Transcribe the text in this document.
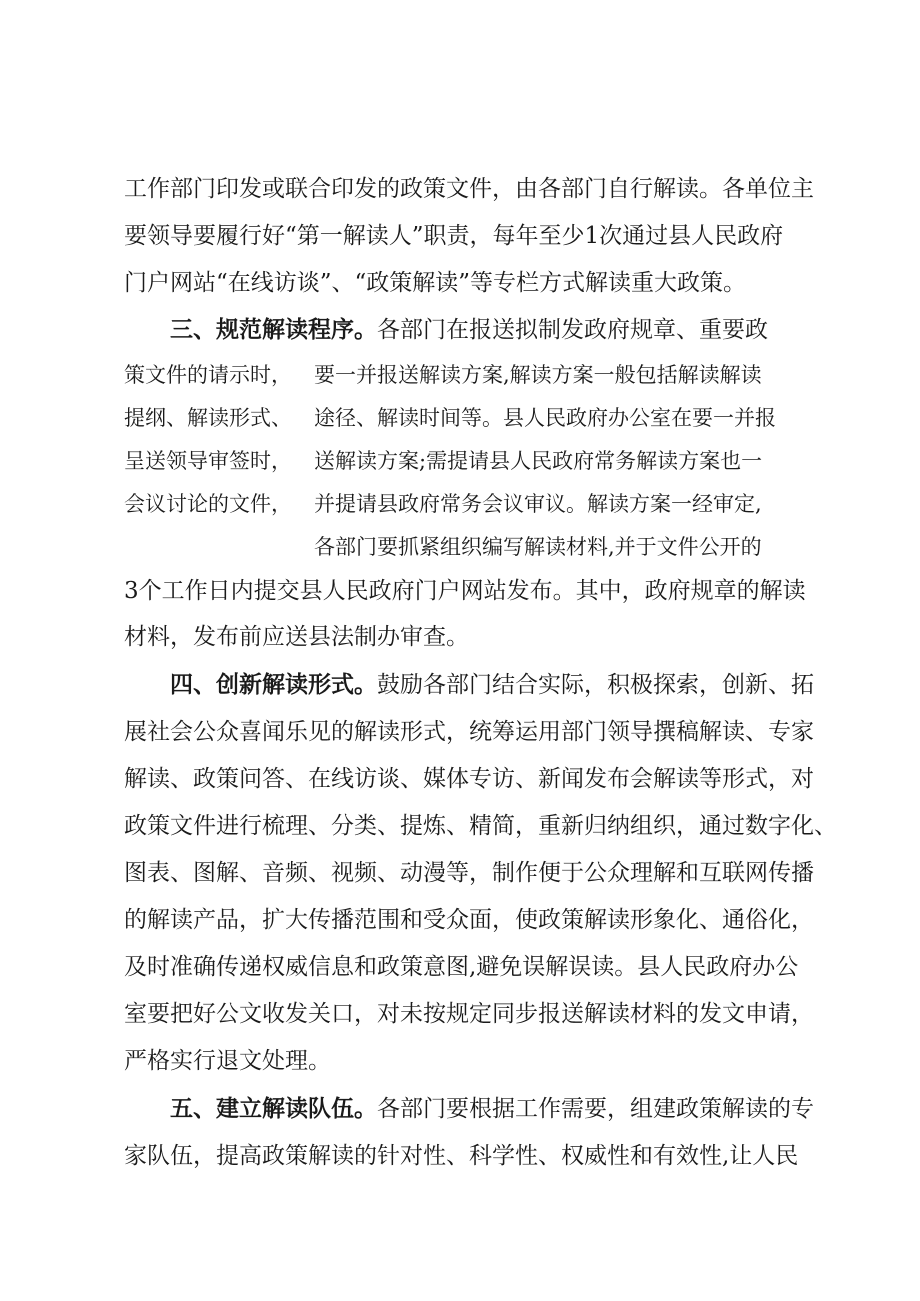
工作部门印发或联合印发的政策文件，由各部门自行解读。各单位主
要领导要履行好“第一解读人”职责，每年至少1次通过县人民政府
门户网站“在线访谈”、“政策解读”等专栏方式解读重大政策。
三、规范解读程序。各部门在报送拟制发政府规章、重要政
策文件的请示时，
提纲、解读形式、
呈送领导审签时，
会议讨论的文件，
要一并报送解读方案,解读方案一般包括解读解读
途径、解读时间等。县人民政府办公室在要一并报
送解读方案;需提请县人民政府常务解读方案也一
并提请县政府常务会议审议。解读方案一经审定,
各部门要抓紧组织编写解读材料,并于文件公开的
3个工作日内提交县人民政府门户网站发布。其中，政府规章的解读
材料，发布前应送县法制办审查。
四、创新解读形式。鼓励各部门结合实际，积极探索，创新、拓
展社会公众喜闻乐见的解读形式，统筹运用部门领导撰稿解读、专家
解读、政策问答、在线访谈、媒体专访、新闻发布会解读等形式，对
政策文件进行梳理、分类、提炼、精简，重新归纳组织，通过数字化、
图表、图解、音频、视频、动漫等，制作便于公众理解和互联网传播
的解读产品，扩大传播范围和受众面，使政策解读形象化、通俗化，
及时准确传递权威信息和政策意图,避免误解误读。县人民政府办公
室要把好公文收发关口，对未按规定同步报送解读材料的发文申请，
严格实行退文处理。
五、建立解读队伍。各部门要根据工作需要，组建政策解读的专
家队伍，提高政策解读的针对性、科学性、权威性和有效性,让人民
